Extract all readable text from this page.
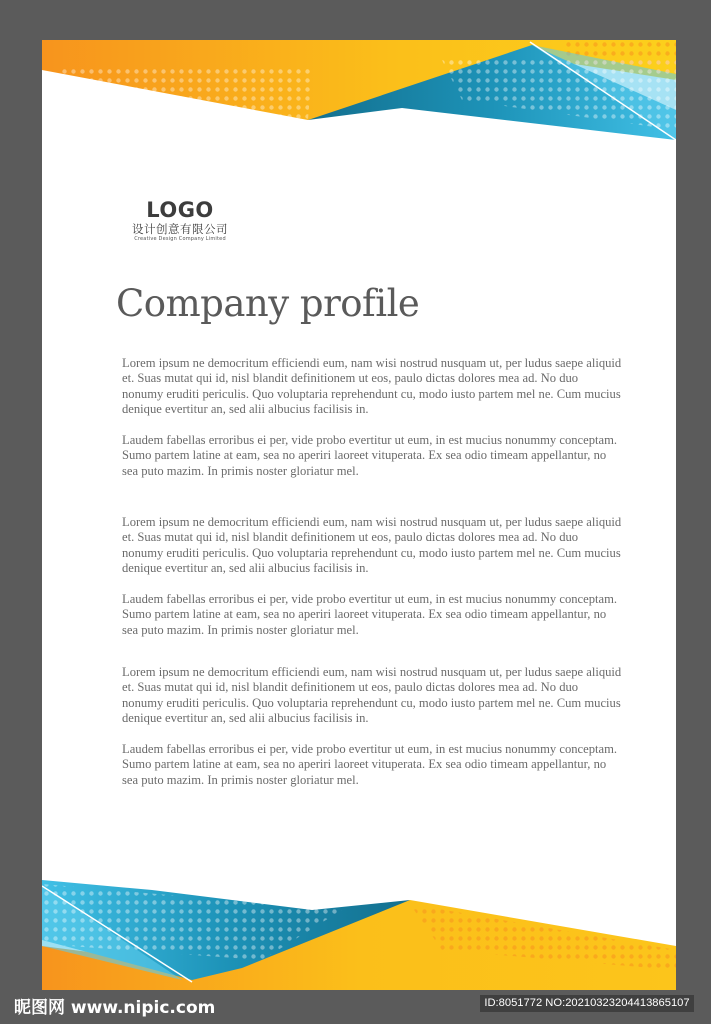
LOGO
设计创意有限公司
Creative Design Company Limited
Company profile

Lorem ipsum ne democritum efficiendi eum, nam wisi nostrud nusquam ut, per ludus saepe aliquid et. Suas mutat qui id, nisl blandit definitionem ut eos, paulo dictas dolores mea ad. No duo nonumy eruditi periculis. Quo voluptaria reprehendunt cu, modo iusto partem mel ne. Cum mucius denique evertitur an, sed alii albucius facilisis in.

Laudem fabellas erroribus ei per, vide probo evertitur ut eum, in est mucius nonummy conceptam. Sumo partem latine at eam, sea no aperiri laoreet vituperata. Ex sea odio timeam appellantur, no sea puto mazim. In primis noster gloriatur mel.

Lorem ipsum ne democritum efficiendi eum, nam wisi nostrud nusquam ut, per ludus saepe aliquid et. Suas mutat qui id, nisl blandit definitionem ut eos, paulo dictas dolores mea ad. No duo nonumy eruditi periculis. Quo voluptaria reprehendunt cu, modo iusto partem mel ne. Cum mucius denique evertitur an, sed alii albucius facilisis in.

Laudem fabellas erroribus ei per, vide probo evertitur ut eum, in est mucius nonummy conceptam. Sumo partem latine at eam, sea no aperiri laoreet vituperata. Ex sea odio timeam appellantur, no sea puto mazim. In primis noster gloriatur mel.

Lorem ipsum ne democritum efficiendi eum, nam wisi nostrud nusquam ut, per ludus saepe aliquid et. Suas mutat qui id, nisl blandit definitionem ut eos, paulo dictas dolores mea ad. No duo nonumy eruditi periculis. Quo voluptaria reprehendunt cu, modo iusto partem mel ne. Cum mucius denique evertitur an, sed alii albucius facilisis in.

Laudem fabellas erroribus ei per, vide probo evertitur ut eum, in est mucius nonummy conceptam. Sumo partem latine at eam, sea no aperiri laoreet vituperata. Ex sea odio timeam appellantur, no sea puto mazim. In primis noster gloriatur mel.

昵图网 www.nipic.com	ID:8051772 NO:20210323204413865107
